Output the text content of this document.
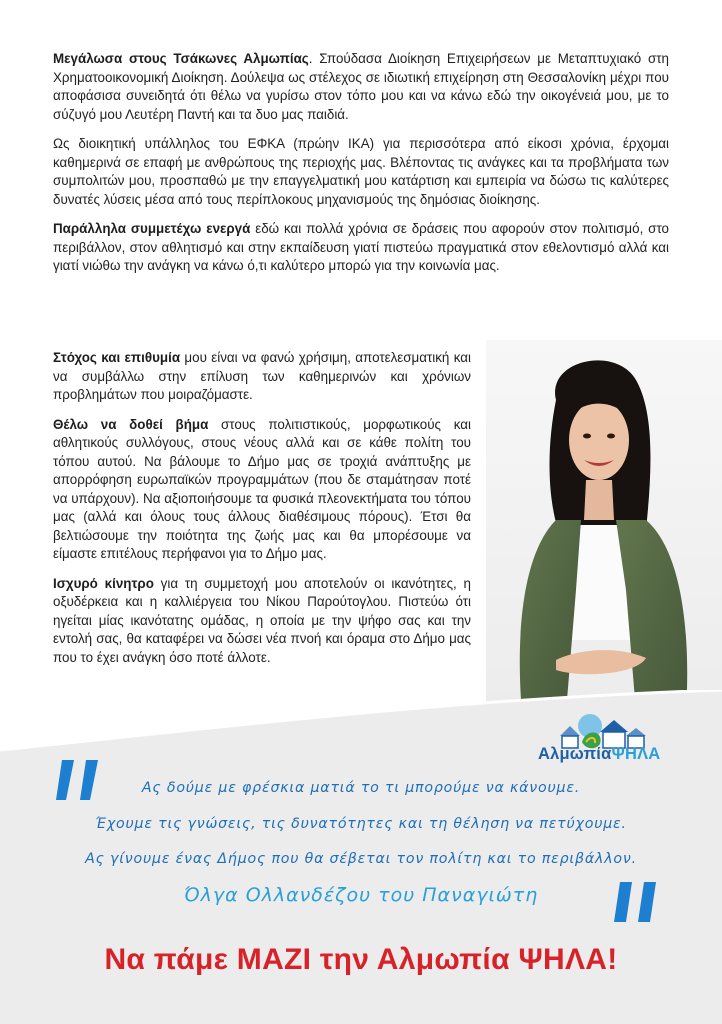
Μεγάλωσα στους Τσάκωνες Αλμωπίας. Σπούδασα Διοίκηση Επιχειρήσεων με Μεταπτυχιακό στη Χρηματοοικονομική Διοίκηση. Δούλεψα ως στέλεχος σε ιδιωτική επιχείρηση στη Θεσσαλονίκη μέχρι που αποφάσισα συνειδητά ότι θέλω να γυρίσω στον τόπο μου και να κάνω εδώ την οικογένειά μου, με το σύζυγό μου Λευτέρη Παντή και τα δυο μας παιδιά.

Ως διοικητική υπάλληλος του ΕΦΚΑ (πρώην ΙΚΑ) για περισσότερα από είκοσι χρόνια, έρχομαι καθημερινά σε επαφή με ανθρώπους της περιοχής μας. Βλέποντας τις ανάγκες και τα προβλήματα των συμπολιτών μου, προσπαθώ με την επαγγελματική μου κατάρτιση και εμπειρία να δώσω τις καλύτερες δυνατές λύσεις μέσα από τους περίπλοκους μηχανισμούς της δημόσιας διοίκησης.

Παράλληλα συμμετέχω ενεργά εδώ και πολλά χρόνια σε δράσεις που αφορούν στον πολιτισμό, στο περιβάλλον, στον αθλητισμό και στην εκπαίδευση γιατί πιστεύω πραγματικά στον εθελοντισμό αλλά και γιατί νιώθω την ανάγκη να κάνω ό,τι καλύτερο μπορώ για την κοινωνία μας.

Στόχος και επιθυμία μου είναι να φανώ χρήσιμη, αποτελεσματική και να συμβάλλω στην επίλυση των καθημερινών και χρόνιων προβλημάτων που μοιραζόμαστε.

Θέλω να δοθεί βήμα στους πολιτιστικούς, μορφωτικούς και αθλητικούς συλλόγους, στους νέους αλλά και σε κάθε πολίτη του τόπου αυτού. Να βάλουμε το Δήμο μας σε τροχιά ανάπτυξης με απορρόφηση ευρωπαϊκών προγραμμάτων (που δε σταμάτησαν ποτέ να υπάρχουν). Να αξιοποιήσουμε τα φυσικά πλεονεκτήματα του τόπου μας (αλλά και όλους τους άλλους διαθέσιμους πόρους). Έτσι θα βελτιώσουμε την ποιότητα της ζωής μας και θα μπορέσουμε να είμαστε επιτέλους περήφανοι για το Δήμο μας.

Ισχυρό κίνητρο για τη συμμετοχή μου αποτελούν οι ικανότητες, η οξυδέρκεια και η καλλιέργεια του Νίκου Παρούτογλου. Πιστεύω ότι ηγείται μίας ικανότατης ομάδας, η οποία με την ψήφο σας και την εντολή σας, θα καταφέρει να δώσει νέα πνοή και όραμα στο Δήμο μας που το έχει ανάγκη όσο ποτέ άλλοτε.

ΑλμωπίαΨΗΛΑ
Ας δούμε με φρέσκια ματιά το τι μπορούμε να κάνουμε.
Έχουμε τις γνώσεις, τις δυνατότητες και τη θέληση να πετύχουμε.
Ας γίνουμε ένας Δήμος που θα σέβεται τον πολίτη και το περιβάλλον.
Όλγα Ολλανδέζου του Παναγιώτη
Να πάμε ΜΑΖΙ την Αλμωπία ΨΗΛΑ!
